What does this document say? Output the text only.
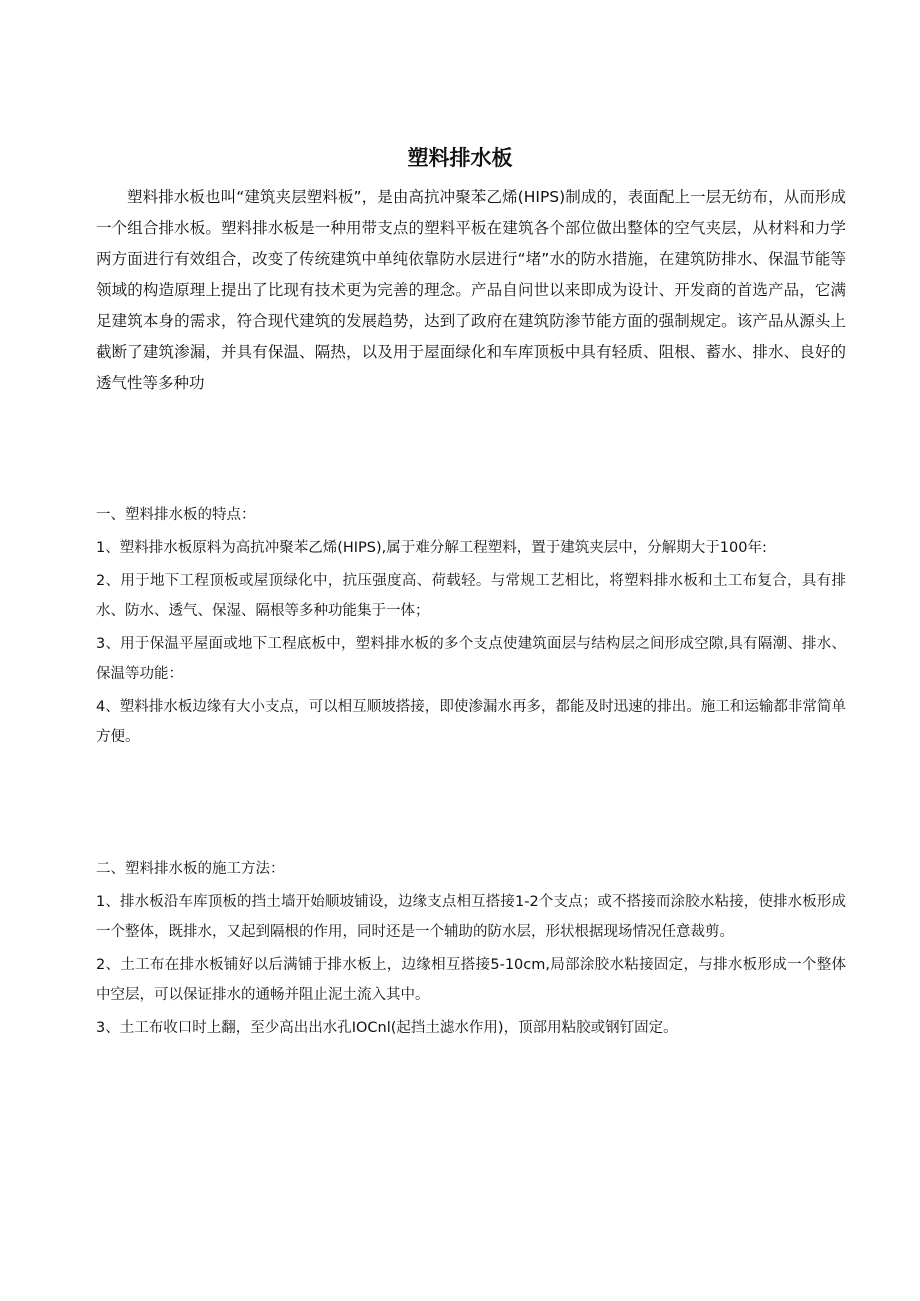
塑料排水板

塑料排水板也叫“建筑夹层塑料板”，是由高抗冲聚苯乙烯(HIPS)制成的，表面配上一层无纺布，从而形成一个组合排水板。塑料排水板是一种用带支点的塑料平板在建筑各个部位做出整体的空气夹层，从材料和力学两方面进行有效组合，改变了传统建筑中单纯依靠防水层进行“堵”水的防水措施，在建筑防排水、保温节能等领域的构造原理上提出了比现有技术更为完善的理念。产品自问世以来即成为设计、开发商的首选产品，它满足建筑本身的需求，符合现代建筑的发展趋势，达到了政府在建筑防渗节能方面的强制规定。该产品从源头上截断了建筑渗漏，并具有保温、隔热，以及用于屋面绿化和车库顶板中具有轻质、阻根、蓄水、排水、良好的透气性等多种功

一、塑料排水板的特点：

1、塑料排水板原料为高抗冲聚苯乙烯(HIPS),属于难分解工程塑料，置于建筑夹层中，分解期大于100年:

2、用于地下工程顶板或屋顶绿化中，抗压强度高、荷载轻。与常规工艺相比，将塑料排水板和土工布复合，具有排水、防水、透气、保湿、隔根等多种功能集于一体；

3、用于保温平屋面或地下工程底板中，塑料排水板的多个支点使建筑面层与结构层之间形成空隙,具有隔潮、排水、保温等功能：

4、塑料排水板边缘有大小支点，可以相互顺坡搭接，即使渗漏水再多，都能及时迅速的排出。施工和运输都非常简单方便。

二、塑料排水板的施工方法：

1、排水板沿车库顶板的挡土墙开始顺坡铺设，边缘支点相互搭接1-2个支点；或不搭接而涂胶水粘接，使排水板形成一个整体，既排水，又起到隔根的作用，同时还是一个辅助的防水层，形状根据现场情况任意裁剪。

2、土工布在排水板铺好以后满铺于排水板上，边缘相互搭接5-10cm,局部涂胶水粘接固定，与排水板形成一个整体中空层，可以保证排水的通畅并阻止泥土流入其中。

3、土工布收口时上翻，至少高出出水孔IOCnl(起挡土滤水作用)，顶部用粘胶或钢钉固定。
